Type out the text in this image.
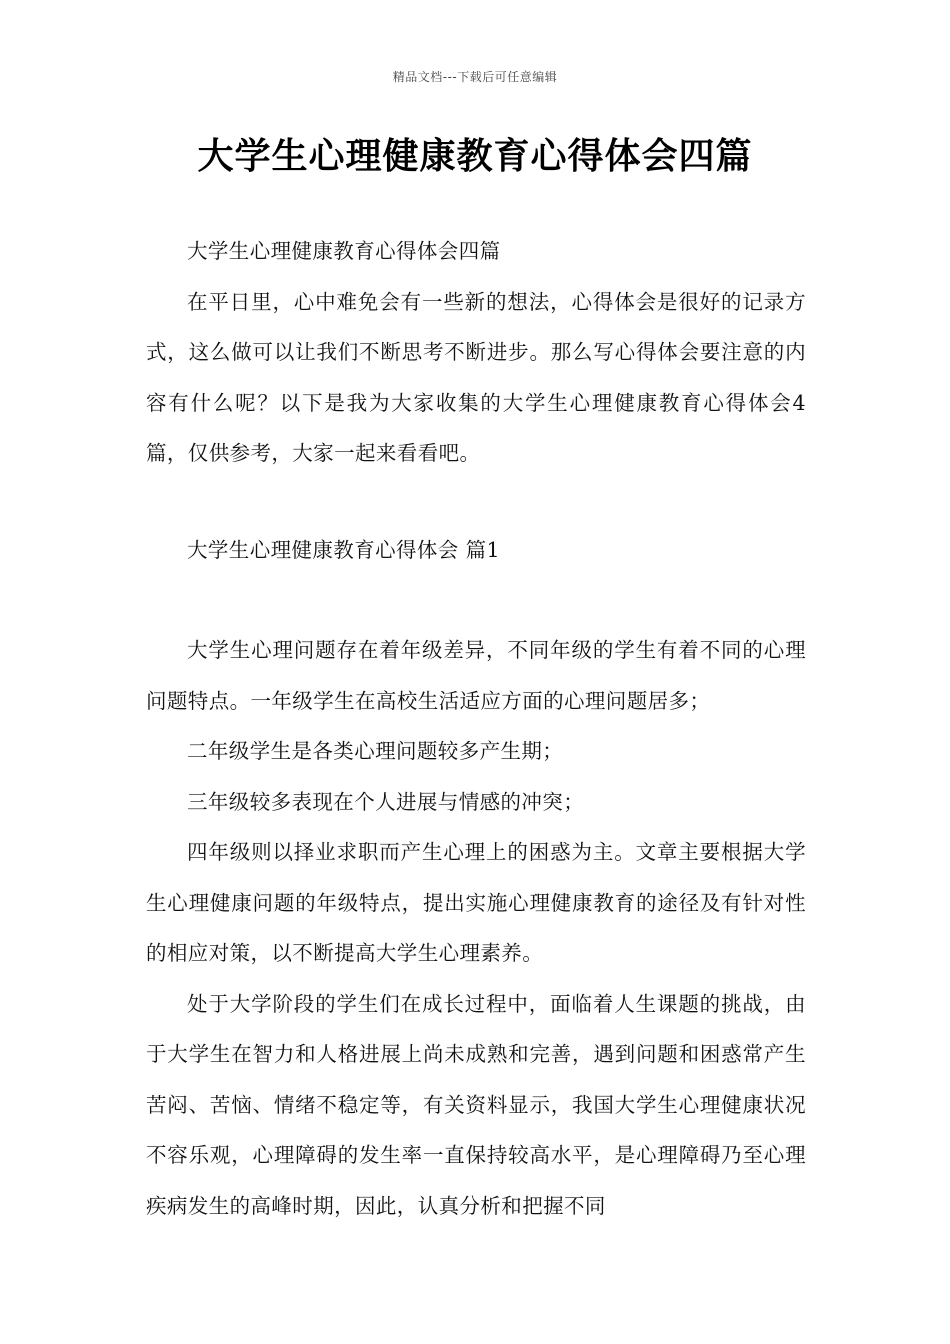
精品文档---下载后可任意编辑
大学生心理健康教育心得体会四篇

大学生心理健康教育心得体会四篇

在平日里，心中难免会有一些新的想法，心得体会是很好的记录方式，这么做可以让我们不断思考不断进步。那么写心得体会要注意的内容有什么呢？以下是我为大家收集的大学生心理健康教育心得体会4篇，仅供参考，大家一起来看看吧。

大学生心理健康教育心得体会 篇1

大学生心理问题存在着年级差异，不同年级的学生有着不同的心理问题特点。一年级学生在高校生活适应方面的心理问题居多；

二年级学生是各类心理问题较多产生期；

三年级较多表现在个人进展与情感的冲突；

四年级则以择业求职而产生心理上的困惑为主。文章主要根据大学生心理健康问题的年级特点，提出实施心理健康教育的途径及有针对性的相应对策，以不断提高大学生心理素养。

处于大学阶段的学生们在成长过程中，面临着人生课题的挑战，由于大学生在智力和人格进展上尚未成熟和完善，遇到问题和困惑常产生苦闷、苦恼、情绪不稳定等，有关资料显示，我国大学生心理健康状况不容乐观，心理障碍的发生率一直保持较高水平，是心理障碍乃至心理疾病发生的高峰时期，因此，认真分析和把握不同
